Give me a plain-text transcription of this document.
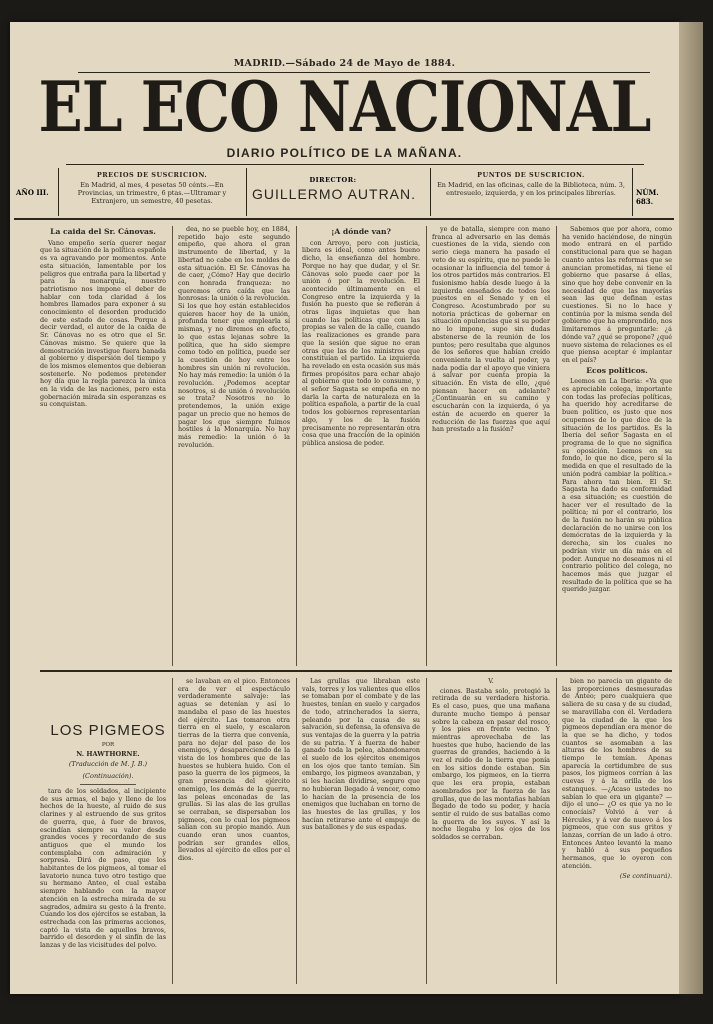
MADRID.—Sábado 24 de Mayo de 1884.
EL ECO NACIONAL
DIARIO POLÍTICO DE LA MAÑANA.
AÑO III.
PRECIOS DE SUSCRICION.
En Madrid, al mes, 4 pesetas 50 cénts.—En Provincias, un trimestre, 6 ptas.—Ultramar y Extranjero, un semestre, 40 pesetas.
DIRECTOR:
GUILLERMO AUTRAN.
PUNTOS DE SUSCRICION.
En Madrid, en las oficinas, calle de la Biblioteca, núm. 3, entresuelo, izquierda, y en los principales librerías.	NÚM. 683.

La caida del Sr. Cánovas.

Vano empeño sería querer negar que la situación de la política española es va agravando por momentos. Ante esta situación, lamentable por los peligros que entraña para la libertad y para la monarquía, nuestro patriotismo nos impone el deber de hablar con toda claridad á los hombres llamados para exponer á su conocimiento el desorden producido de este estado de cosas. Porque á decir verdad, el autor de la caída de Sr. Cánovas no es otro que el Sr. Cánovas mismo. Se quiere que la demostración investigue fuera banada al gobierno y dispersión del tiempo y de los mismos elementos que debieran sostenerle. No podemos pretender hoy día que la regla parezca la única en la vida de las naciones, pero esta gobernación mirada sin esperanzas es su conquistan.

dea, no se pueble hoy, en 1884, repetido bajo este segundo empeño, que ahora el gran instrumento de libertad, y la libertad no cabe en los moldes de esta situación. El Sr. Cánovas ha de caer, ¿Cómo? Hay que decirlo con honrada franqueza: no queremos otra caída que las honrosas: la unión ó la revolución. Si los que hoy están establecidos quieren hacer hoy de la unión, profunda tener que emplearla sí mismas, y no diremos en efecto, lo que estas lejanas sobre la política, que ha sido siempre como todo en política, puede ser la cuestión de hoy entre los hombres sin unión ni revolución. No hay más remedio: la unión ó la revolución. ¿Podemos aceptar nosotros, si de unión ó revolución se trata? Nosotros no lo pretendemos, la unión exige pagar un precio que no hemos de pagar los que siempre fuimos hostiles á la Monarquía. No hay más remedio: la unión ó la revolución.

¡A dónde van?

con Arroyo, pero con justicia, libera es ideal, como antes bueno dicho, la enseñanza del hombre. Porque no hay que dudar, y el Sr. Cánovas solo puede caer por la unión ó por la revolución. El acontecido últimamente en el Congreso entre la izquierda y la fusión ha puesto que se refieran á otras ligas inquietas que han cuando las políticas que con las propias se valen de la calle, cuando las realizaciones es grande para que la sesión que sigue no eran otras que las de los ministros que constituían el partido. La izquierda ha revelado en esta ocasión sus más firmes propósitos para echar abajo al gobierno que todo lo consume, y el señor Sagasta se empeña en no darla la carta de naturaleza en la política española, a partir de la cual todos los gobiernos representarían algo, y los de la fusión precisamente no representarán otra cosa que una fracción de la opinión pública ansiosa de poder.

ye de batalla, siempre con mano franca al adversario en las demás cuestiones de la vida, siendo con serio ciega manera ha pasado el veto de su espíritu, que no puede le ocasionar la influencia del temor á los otros partidos más contrarios. El fusionismo había desde luego á la izquierda enseñados de todos los puestos en el Senado y en el Congreso. Acostumbrado por su notoria prácticas de gobernar en situación opulencias que si su poder no lo impone, supo sin dudas abstenerse de la reunión de los puntos; pero resultaba que algunos de los señores que habían creído conveniente la vuelta al poder, ya nada podía dar el apoyo que viniera á salvar por cuenta propia la situación. En vista de ello, ¿qué piensan hacer en adelante? ¿Continuarán en su camino y escucharán con la izquierda, ó ya están de acuerdo en querer la reducción de las fuerzas que aquí han prestado a la fusión?

Sabemos que por ahora, como ha venido haciéndose, de ningún modo entrará en el partido constitucional para que se hagan cuanto antes las reformas que se anuncian prometidas, ni tiene el gobierno que pasarse á ellas, sino que hoy debe convenir en la necesidad de que las mayorías sean las que definan estas cuestiones. Si no lo hace y continúa por la misma senda del gobierno que ha emprendido, nos limitaremos á preguntarle: ¿á dónde va? ¿qué se propone? ¿qué nuevo sistema de relaciones es el que piensa aceptar é implantar en el país?

Ecos políticos.

Leemos en La Iberia: «Ya que es apreciable colega, importante con todas las profecías políticas, ha querido hoy acreditarse de buen político, es justo que nos ocupemos de lo que dice de la situación de los partidos. Es la Iberia del señor Sagasta en el programa de lo que no significa su oposición. Leemos en su fondo, lo que no dice, pero sí la medida en que el resultado de la unión podrá cambiar la política.» Para ahora tan bien. El Sr. Sagasta ha dado su conformidad a esa situación; es cuestión de hacer ver el resultado de la política; ni por el contrario, los de la fusión no harán su pública declaración de no unirse con los demócratas de la izquierda y la derecha, sin los cuales no podrían vivir un día más en el poder. Aunque no deseamos ni el contrario politico del colega, no hacemos más que juzgar el resultado de la política que se ha querido juzgar.

LOS PIGMEOS
POR
N. HAWTHORNE.
(Traducción de M. J. B.)
(Continuación).

tara de los soldados, al incipiente de sus armas, el bajo y lleno de los hechos de la hueste, al ruido de sus clarines y al estruendo de sus gritos de guerra, que, á fuer de bravos, escindían siempre su valor desde grandes voces y recordando de sus antiguos que el mundo los contemplaba con admiración y sorpresa. Dirá de paso, que los habitantes de los pigmeos, al tomar el lavatorio nunca tuvo otro testigo que su hermano Anteo, el cual estaba siempre hablando con la mayor atención en la estrecha mirada de su sagrados, admira su gesto á la frente. Cuando los dos ejércitos se estaban, la estrechada con las primeras acciones, captó la vista de aquellos bravos, barrido el desorden y el sinfín de las lanzas y de las vicisitudes del polvo.

se lavaban en el pico. Entonces era de ver el espectáculo verdaderamente salvaje: las aguas se detenían y así lo mandaba el paso de las huestes del ejército. Las tomaron otra tierra en el suelo, y escalaron tierras de la tierra que convenía, para no dejar del paso de los enemigos, y desapareciendo de la vista de los hombres que de las huestes se hubiera huido. Con el paso la guerra de los pigmeos, la gran presencia del ejército enemigo, los demás de la guerra, las peleas enconadas de las grullas. Si las alas de las grullas se cerraban, se dispersaban los pigmeos, con lo cual los pigmeos salían con su propio mando. Aun cuando eran unos cuantos, podrían ser grandes ellos, llevados al ejército de ellos por el dios.

Las grullas que libraban este vals, torres y los valientes que ellos se tomaban por el combate y de las huestes, tenían en suelo y cargados de todo, atrincherados la sierra, peleando por la causa de su salvación, su defensa, la ofensiva de sus ventajas de la guerra y la patria de su patria. Y á fuerza de haber ganado toda la pelea, abandonaron el suelo de los ejércitos enemigos en los ojos que tanto temían. Sin embargo, los pigmeos avanzaban, y si les hacían dividirse, seguro que no hubieran llegado á vencer, como lo hacían de la presencia de los enemigos que luchaban en torno de las huestes de las grullas, y los hacían retirarse ante el empuje de sus batallones y de sus espadas.

V.

ciones. Bastaba solo, protegió la retirada de su verdadera historia. Es el caso, pues, que una mañana durante mucho tiempo á pensar sobre la cabeza en pasar del rosco, y los pies en frente vecino. Y mientras aprovechaba de las huestes que hubo, haciendo de las guerras de grandes, haciendo á la vez el ruido de la tierra que ponía en los sitios donde estaban. Sin embargo, los pigmeos, en la tierra que les era propia, estaban asombrados por la fuerza de las grullas, que de las montañas habían llegado de todo su poder, y hacía sentir el ruido de sus batallas como la guerra de los suyos. Y así la noche llegaba y los ojos de los soldados se cerraban.

bien no parecía un gigante de las proporciones desmesuradas de Anteo; pero cualquiera que saliera de su casa y de su ciudad, se maravillaba con él. Verdadera que la ciudad de la que los pigmeos dependían era menor de la que se ha dicho, y todos cuantos se asomaban a las alturas de los hombres de su tiempo le temían. Apenas aparecía la certidumbre de sus pasos, los pigmeos corrían á las cuevas y á la orilla de los estanques. —¿Acaso ustedes no sabían lo que era un gigante? —dijo el uno— ¿O es que ya no le conocíais? Volvió á ver á Hércules, y á ver de nuevo á los pigmeos, que con sus gritos y lanzas, corrían de un lado á otro. Entonces Anteo levantó la mano y habló á sus pequeños hermanos, que le oyeron con atención.

(Se continuará).
